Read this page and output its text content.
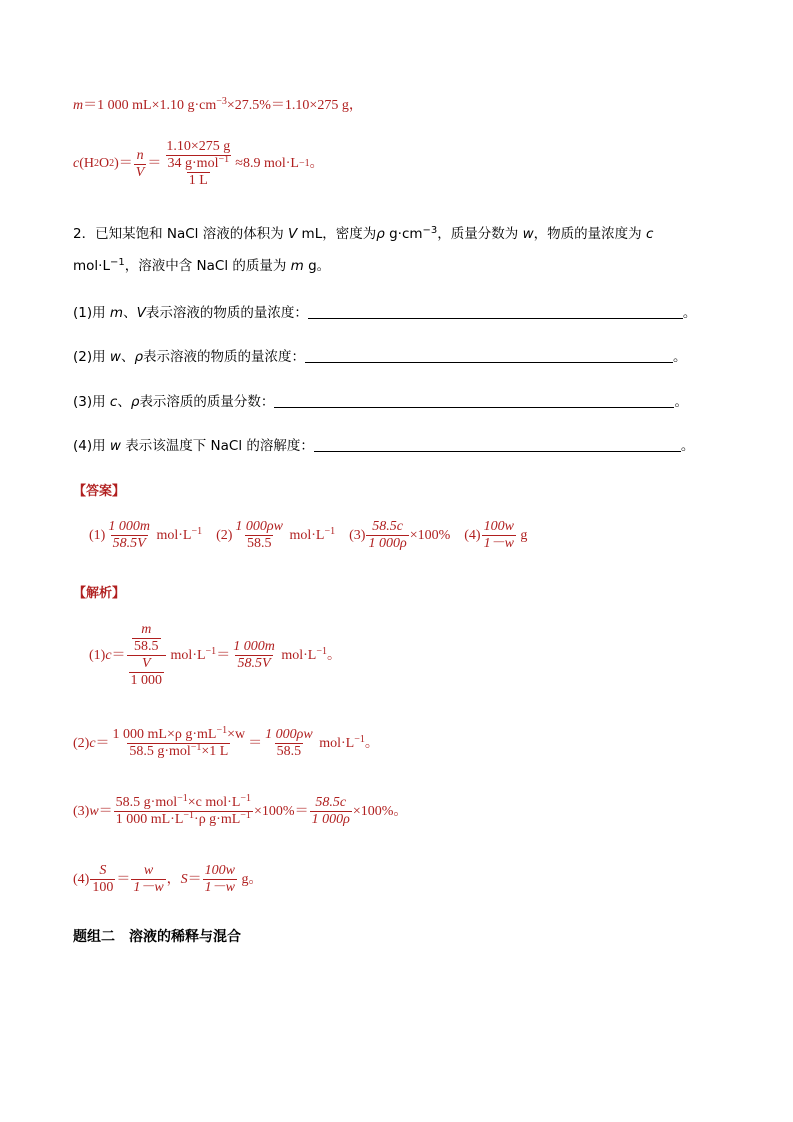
m＝1 000 mL×1.10 $g\cdot cm^{-3}\times 27.5\%=1.10\times 275$ g，
c (H 2 O 2 )＝ $\frac{n}{V} = \frac{\frac{1.10\times 275 g}{34 g\cdot mol^{-1}}}{1 L} \approx 8.9$ mol·L −1 。
2．已知某饱和 NaCl 溶液的体积为 V mL，密度为ρ $g\cdot cm^{-3}$，质量分数为 w，物质的量浓度为 c
$mol\cdot L^{-1}$，溶液中含 NaCl 的质量为 m g。
(1)用 m、V表示溶液的物质的量浓度：	。
(2)用 w、ρ表示溶液的物质的量浓度：	。
(3)用 c、ρ表示溶质的质量分数：	。
(4)用 w 表示该温度下 NaCl 的溶解度：	。
【答案】
$(1) \frac{1 000m}{58.5V} mol\cdot L^{-1}$ $(2) \frac{1 000\rho w}{58.5} mol\cdot L^{-1}$ $(3) \frac{58.5c}{1 000\rho} \times 100\%$ $(4) \frac{100w}{1-w}$ g
【解析】
(1) $c = \frac{\frac{m}{58.5}}{\frac{V}{1 000}} mol\cdot L^{-1} = \frac{1 000m}{58.5V} mol\cdot L^{-1}$。
(2) $c = \frac{1 000 mL\times\rho g\cdot mL^{-1}\times w}{58.5 g\cdot mol^{-1}\times 1 L} = \frac{1 000\rho w}{58.5} mol\cdot L^{-1}$。
(3) $w = \frac{58.5 g\cdot mol^{-1}\times c mol\cdot L^{-1}}{1 000 mL\cdot L^{-1}\cdot\rho g\cdot mL^{-1}} \times 100\%= \frac{58.5c}{1 000\rho} \times 100\%$。
$(4) \frac{S}{100} = \frac{w}{1-w}$ ， $S = \frac{100w}{1-w}$ g。
题组二　溶液的稀释与混合
